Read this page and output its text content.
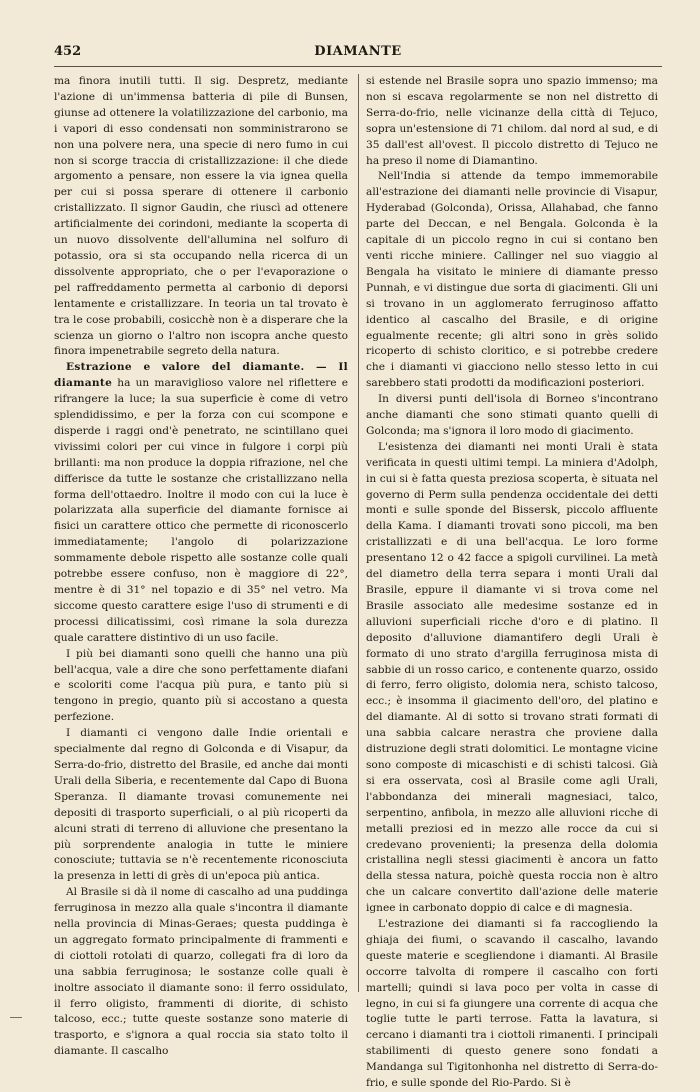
452	DIAMANTE

ma finora inutili tutti. Il sig. Despretz, mediante l'azione di un'immensa batteria di pile di Bunsen, giunse ad ottenere la volatilizzazione del carbonio, ma i vapori di esso condensati non somministrarono se non una polvere nera, una specie di nero fumo in cui non si scorge traccia di cristallizzazione: il che diede argomento a pensare, non essere la via ignea quella per cui si possa sperare di ottenere il carbonio cristallizzato. Il signor Gaudin, che riuscì ad ottenere artificialmente dei corindoni, mediante la scoperta di un nuovo dissolvente dell'allumina nel solfuro di potassio, ora si sta occupando nella ricerca di un dissolvente appropriato, che o per l'evaporazione o pel raffreddamento permetta al carbonio di deporsi lentamente e cristallizzare. In teoria un tal trovato è tra le cose probabili, cosicchè non è a disperare che la scienza un giorno o l'altro non iscopra anche questo finora impenetrabile segreto della natura.

Estrazione e valore del diamante. — Il diamante ha un maraviglioso valore nel riflettere e rifrangere la luce; la sua superficie è come di vetro splendidissimo, e per la forza con cui scompone e disperde i raggi ond'è penetrato, ne scintillano quei vivissimi colori per cui vince in fulgore i corpi più brillanti: ma non produce la doppia rifrazione, nel che differisce da tutte le sostanze che cristallizzano nella forma dell'ottaedro. Inoltre il modo con cui la luce è polarizzata alla superficie del diamante fornisce ai fisici un carattere ottico che permette di riconoscerlo immediatamente; l'angolo di polarizzazione sommamente debole rispetto alle sostanze colle quali potrebbe essere confuso, non è maggiore di 22°, mentre è di 31° nel topazio e di 35° nel vetro. Ma siccome questo carattere esige l'uso di strumenti e di processi dilicatissimi, così rimane la sola durezza quale carattere distintivo di un uso facile.

I più bei diamanti sono quelli che hanno una più bell'acqua, vale a dire che sono perfettamente diafani e scoloriti come l'acqua più pura, e tanto più si tengono in pregio, quanto più si accostano a questa perfezione.

I diamanti ci vengono dalle Indie orientali e specialmente dal regno di Golconda e di Visapur, da Serra-do-frio, distretto del Brasile, ed anche dai monti Urali della Siberia, e recentemente dal Capo di Buona Speranza. Il diamante trovasi comunemente nei depositi di trasporto superficiali, o al più ricoperti da alcuni strati di terreno di alluvione che presentano la più sorprendente analogia in tutte le miniere conosciute; tuttavia se n'è recentemente riconosciuta la presenza in letti di grès di un'epoca più antica.

Al Brasile si dà il nome di cascalho ad una puddinga ferruginosa in mezzo alla quale s'incontra il diamante nella provincia di Minas-Geraes; questa puddinga è un aggregato formato principalmente di frammenti e di ciottoli rotolati di quarzo, collegati fra di loro da una sabbia ferruginosa; le sostanze colle quali è inoltre associato il diamante sono: il ferro ossidulato, il ferro oligisto, frammenti di diorite, di schisto talcoso, ecc.; tutte queste sostanze sono materie di trasporto, e s'ignora a qual roccia sia stato tolto il diamante. Il cascalho

si estende nel Brasile sopra uno spazio immenso; ma non si escava regolarmente se non nel distretto di Serra-do-frio, nelle vicinanze della città di Tejuco, sopra un'estensione di 71 chilom. dal nord al sud, e di 35 dall'est all'ovest. Il piccolo distretto di Tejuco ne ha preso il nome di Diamantino.

Nell'India si attende da tempo immemorabile all'estrazione dei diamanti nelle provincie di Visapur, Hyderabad (Golconda), Orissa, Allahabad, che fanno parte del Deccan, e nel Bengala. Golconda è la capitale di un piccolo regno in cui si contano ben venti ricche miniere. Callinger nel suo viaggio al Bengala ha visitato le miniere di diamante presso Punnah, e vi distingue due sorta di giacimenti. Gli uni si trovano in un agglomerato ferruginoso affatto identico al cascalho del Brasile, e di origine egualmente recente; gli altri sono in grès solido ricoperto di schisto cloritico, e si potrebbe credere che i diamanti vi giacciono nello stesso letto in cui sarebbero stati prodotti da modificazioni posteriori.

In diversi punti dell'isola di Borneo s'incontrano anche diamanti che sono stimati quanto quelli di Golconda; ma s'ignora il loro modo di giacimento.

L'esistenza dei diamanti nei monti Urali è stata verificata in questi ultimi tempi. La miniera d'Adolph, in cui si è fatta questa preziosa scoperta, è situata nel governo di Perm sulla pendenza occidentale dei detti monti e sulle sponde del Bissersk, piccolo affluente della Kama. I diamanti trovati sono piccoli, ma ben cristallizzati e di una bell'acqua. Le loro forme presentano 12 o 42 facce a spigoli curvilinei. La metà del diametro della terra separa i monti Urali dal Brasile, eppure il diamante vi si trova come nel Brasile associato alle medesime sostanze ed in alluvioni superficiali ricche d'oro e di platino. Il deposito d'alluvione diamantifero degli Urali è formato di uno strato d'argilla ferruginosa mista di sabbie di un rosso carico, e contenente quarzo, ossido di ferro, ferro oligisto, dolomia nera, schisto talcoso, ecc.; è insomma il giacimento dell'oro, del platino e del diamante. Al di sotto si trovano strati formati di una sabbia calcare nerastra che proviene dalla distruzione degli strati dolomitici. Le montagne vicine sono composte di micaschisti e di schisti talcosi. Già si era osservata, così al Brasile come agli Urali, l'abbondanza dei minerali magnesiaci, talco, serpentino, anfibola, in mezzo alle alluvioni ricche di metalli preziosi ed in mezzo alle rocce da cui si credevano provenienti; la presenza della dolomia cristallina negli stessi giacimenti è ancora un fatto della stessa natura, poichè questa roccia non è altro che un calcare convertito dall'azione delle materie ignee in carbonato doppio di calce e di magnesia.

L'estrazione dei diamanti si fa raccogliendo la ghiaja dei fiumi, o scavando il cascalho, lavando queste materie e scegliendone i diamanti. Al Brasile occorre talvolta di rompere il cascalho con forti martelli; quindi si lava poco per volta in casse di legno, in cui si fa giungere una corrente di acqua che toglie tutte le parti terrose. Fatta la lavatura, si cercano i diamanti tra i ciottoli rimanenti. I principali stabilimenti di questo genere sono fondati a Mandanga sul Tigitonhonha nel distretto di Serra-do-frio, e sulle sponde del Rio-Pardo. Si è
